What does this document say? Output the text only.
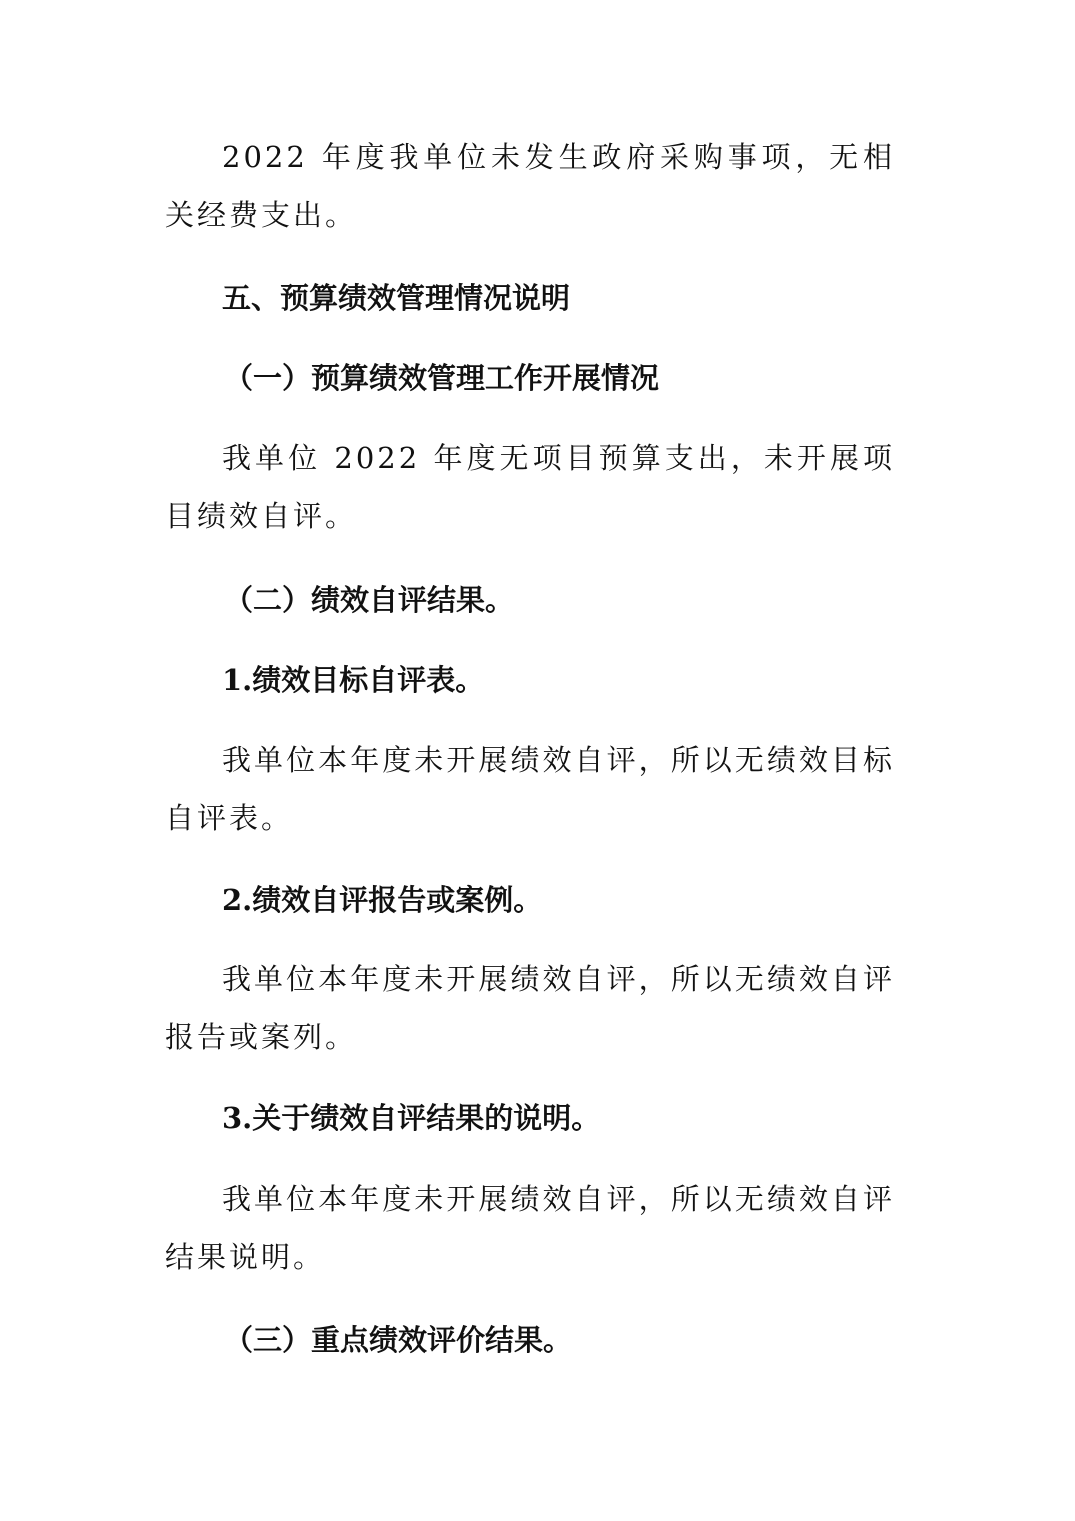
2022 年度我单位未发生政府采购事项，无相关经费支出。

五、预算绩效管理情况说明
（一）预算绩效管理工作开展情况

我单位 2022 年度无项目预算支出，未开展项目绩效自评。

（二）绩效自评结果。
1.绩效目标自评表。

我单位本年度未开展绩效自评，所以无绩效目标自评表。

2.绩效自评报告或案例。

我单位本年度未开展绩效自评，所以无绩效自评报告或案列。

3.关于绩效自评结果的说明。

我单位本年度未开展绩效自评，所以无绩效自评结果说明。

（三）重点绩效评价结果。
